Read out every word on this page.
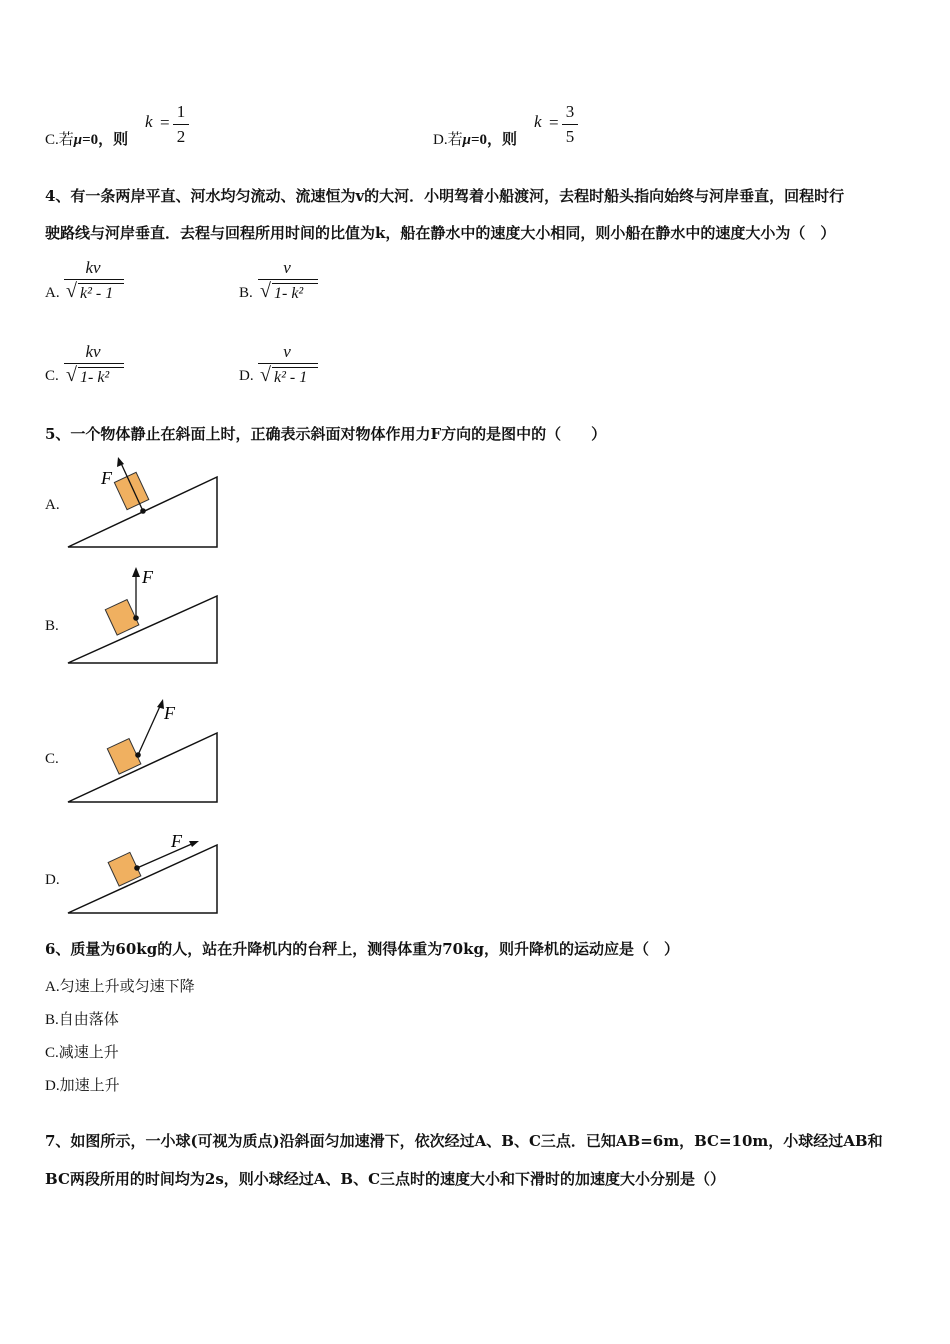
C.若μ=0，则
k =
1
2	D.若μ=0，则
k =
3
5
4、有一条两岸平直、河水均匀流动、流速恒为v的大河．小明驾着小船渡河，去程时船头指向始终与河岸垂直，回程时行
驶路线与河岸垂直．去程与回程所用时间的比值为k，船在静水中的速度大小相同，则小船在静水中的速度大小为（　）
A.
kv
√ k² - 1	B.
v
√ 1- k²
C.
kv
√ 1- k²	D.
v
√ k² - 1
5、一个物体静止在斜面上时，正确表示斜面对物体作用力F方向的是图中的（　　）
A.
F
B.
F
C.
F
D.
F
6、质量为60kg的人，站在升降机内的台秤上，测得体重为70kg，则升降机的运动应是（　）
A.匀速上升或匀速下降
B.自由落体
C.减速上升
D.加速上升
7、如图所示，一小球(可视为质点)沿斜面匀加速滑下，依次经过A、B、C三点．已知AB=6m，BC=10m，小球经过AB和
BC两段所用的时间均为2s，则小球经过A、B、C三点时的速度大小和下滑时的加速度大小分别是（）
